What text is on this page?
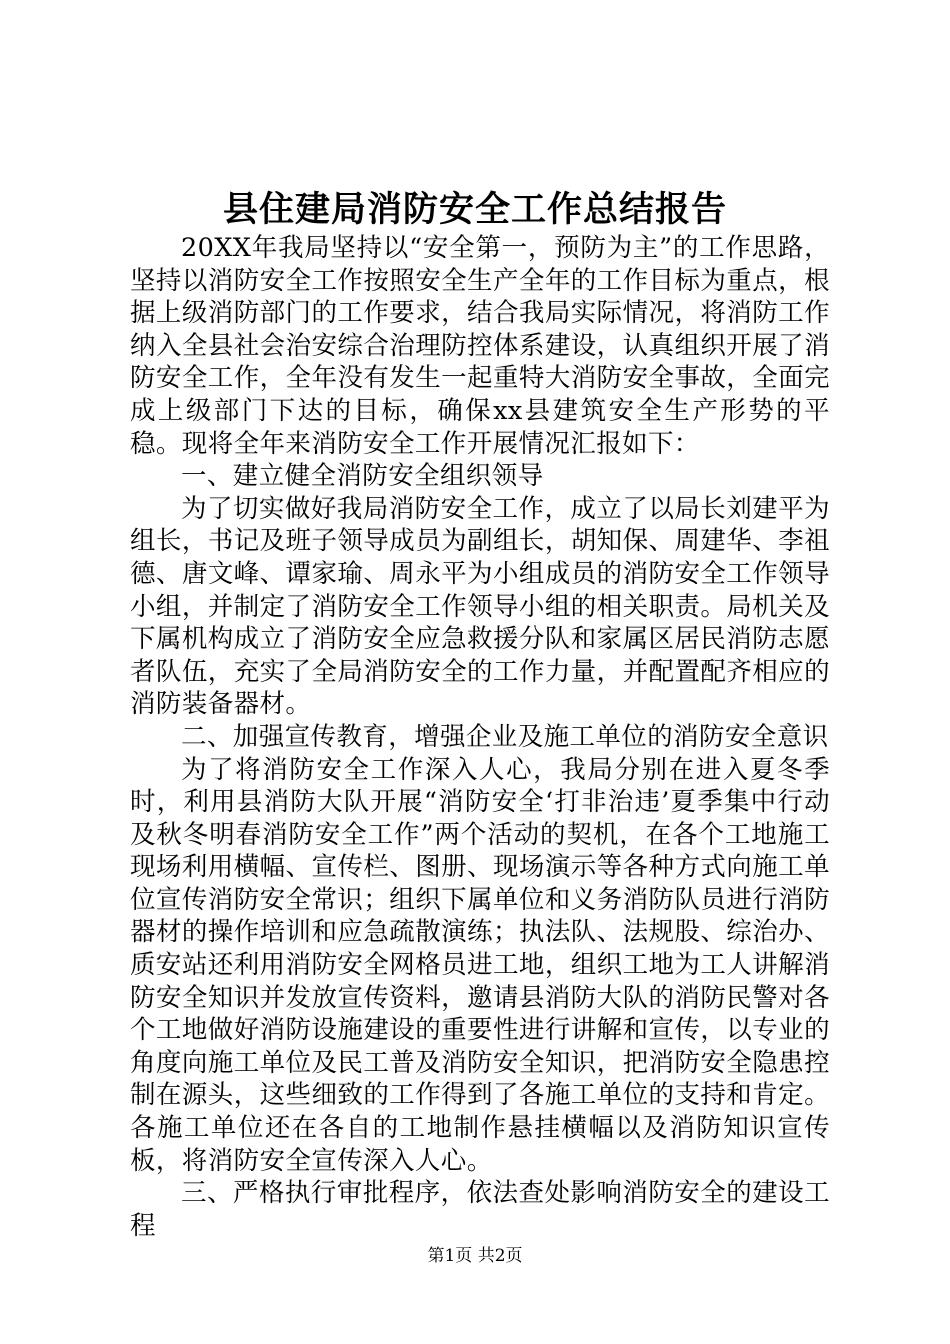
县住建局消防安全工作总结报告

20XX年我局坚持以“安全第一，预防为主”的工作思路，坚持以消防安全工作按照安全生产全年的工作目标为重点，根据上级消防部门的工作要求，结合我局实际情况，将消防工作纳入全县社会治安综合治理防控体系建设，认真组织开展了消防安全工作，全年没有发生一起重特大消防安全事故，全面完成上级部门下达的目标，确保xx县建筑安全生产形势的平稳。现将全年来消防安全工作开展情况汇报如下：

一、建立健全消防安全组织领导

为了切实做好我局消防安全工作，成立了以局长刘建平为组长，书记及班子领导成员为副组长，胡知保、周建华、李祖德、唐文峰、谭家瑜、周永平为小组成员的消防安全工作领导小组，并制定了消防安全工作领导小组的相关职责。局机关及下属机构成立了消防安全应急救援分队和家属区居民消防志愿者队伍，充实了全局消防安全的工作力量，并配置配齐相应的消防装备器材。

二、加强宣传教育，增强企业及施工单位的消防安全意识

为了将消防安全工作深入人心，我局分别在进入夏冬季时，利用县消防大队开展“消防安全‘打非治违’夏季集中行动及秋冬明春消防安全工作”两个活动的契机，在各个工地施工现场利用横幅、宣传栏、图册、现场演示等各种方式向施工单位宣传消防安全常识；组织下属单位和义务消防队员进行消防器材的操作培训和应急疏散演练；执法队、法规股、综治办、质安站还利用消防安全网格员进工地，组织工地为工人讲解消防安全知识并发放宣传资料，邀请县消防大队的消防民警对各个工地做好消防设施建设的重要性进行讲解和宣传，以专业的角度向施工单位及民工普及消防安全知识，把消防安全隐患控制在源头，这些细致的工作得到了各施工单位的支持和肯定。各施工单位还在各自的工地制作悬挂横幅以及消防知识宣传板，将消防安全宣传深入人心。

三、严格执行审批程序，依法查处影响消防安全的建设工程

第1页 共2页
